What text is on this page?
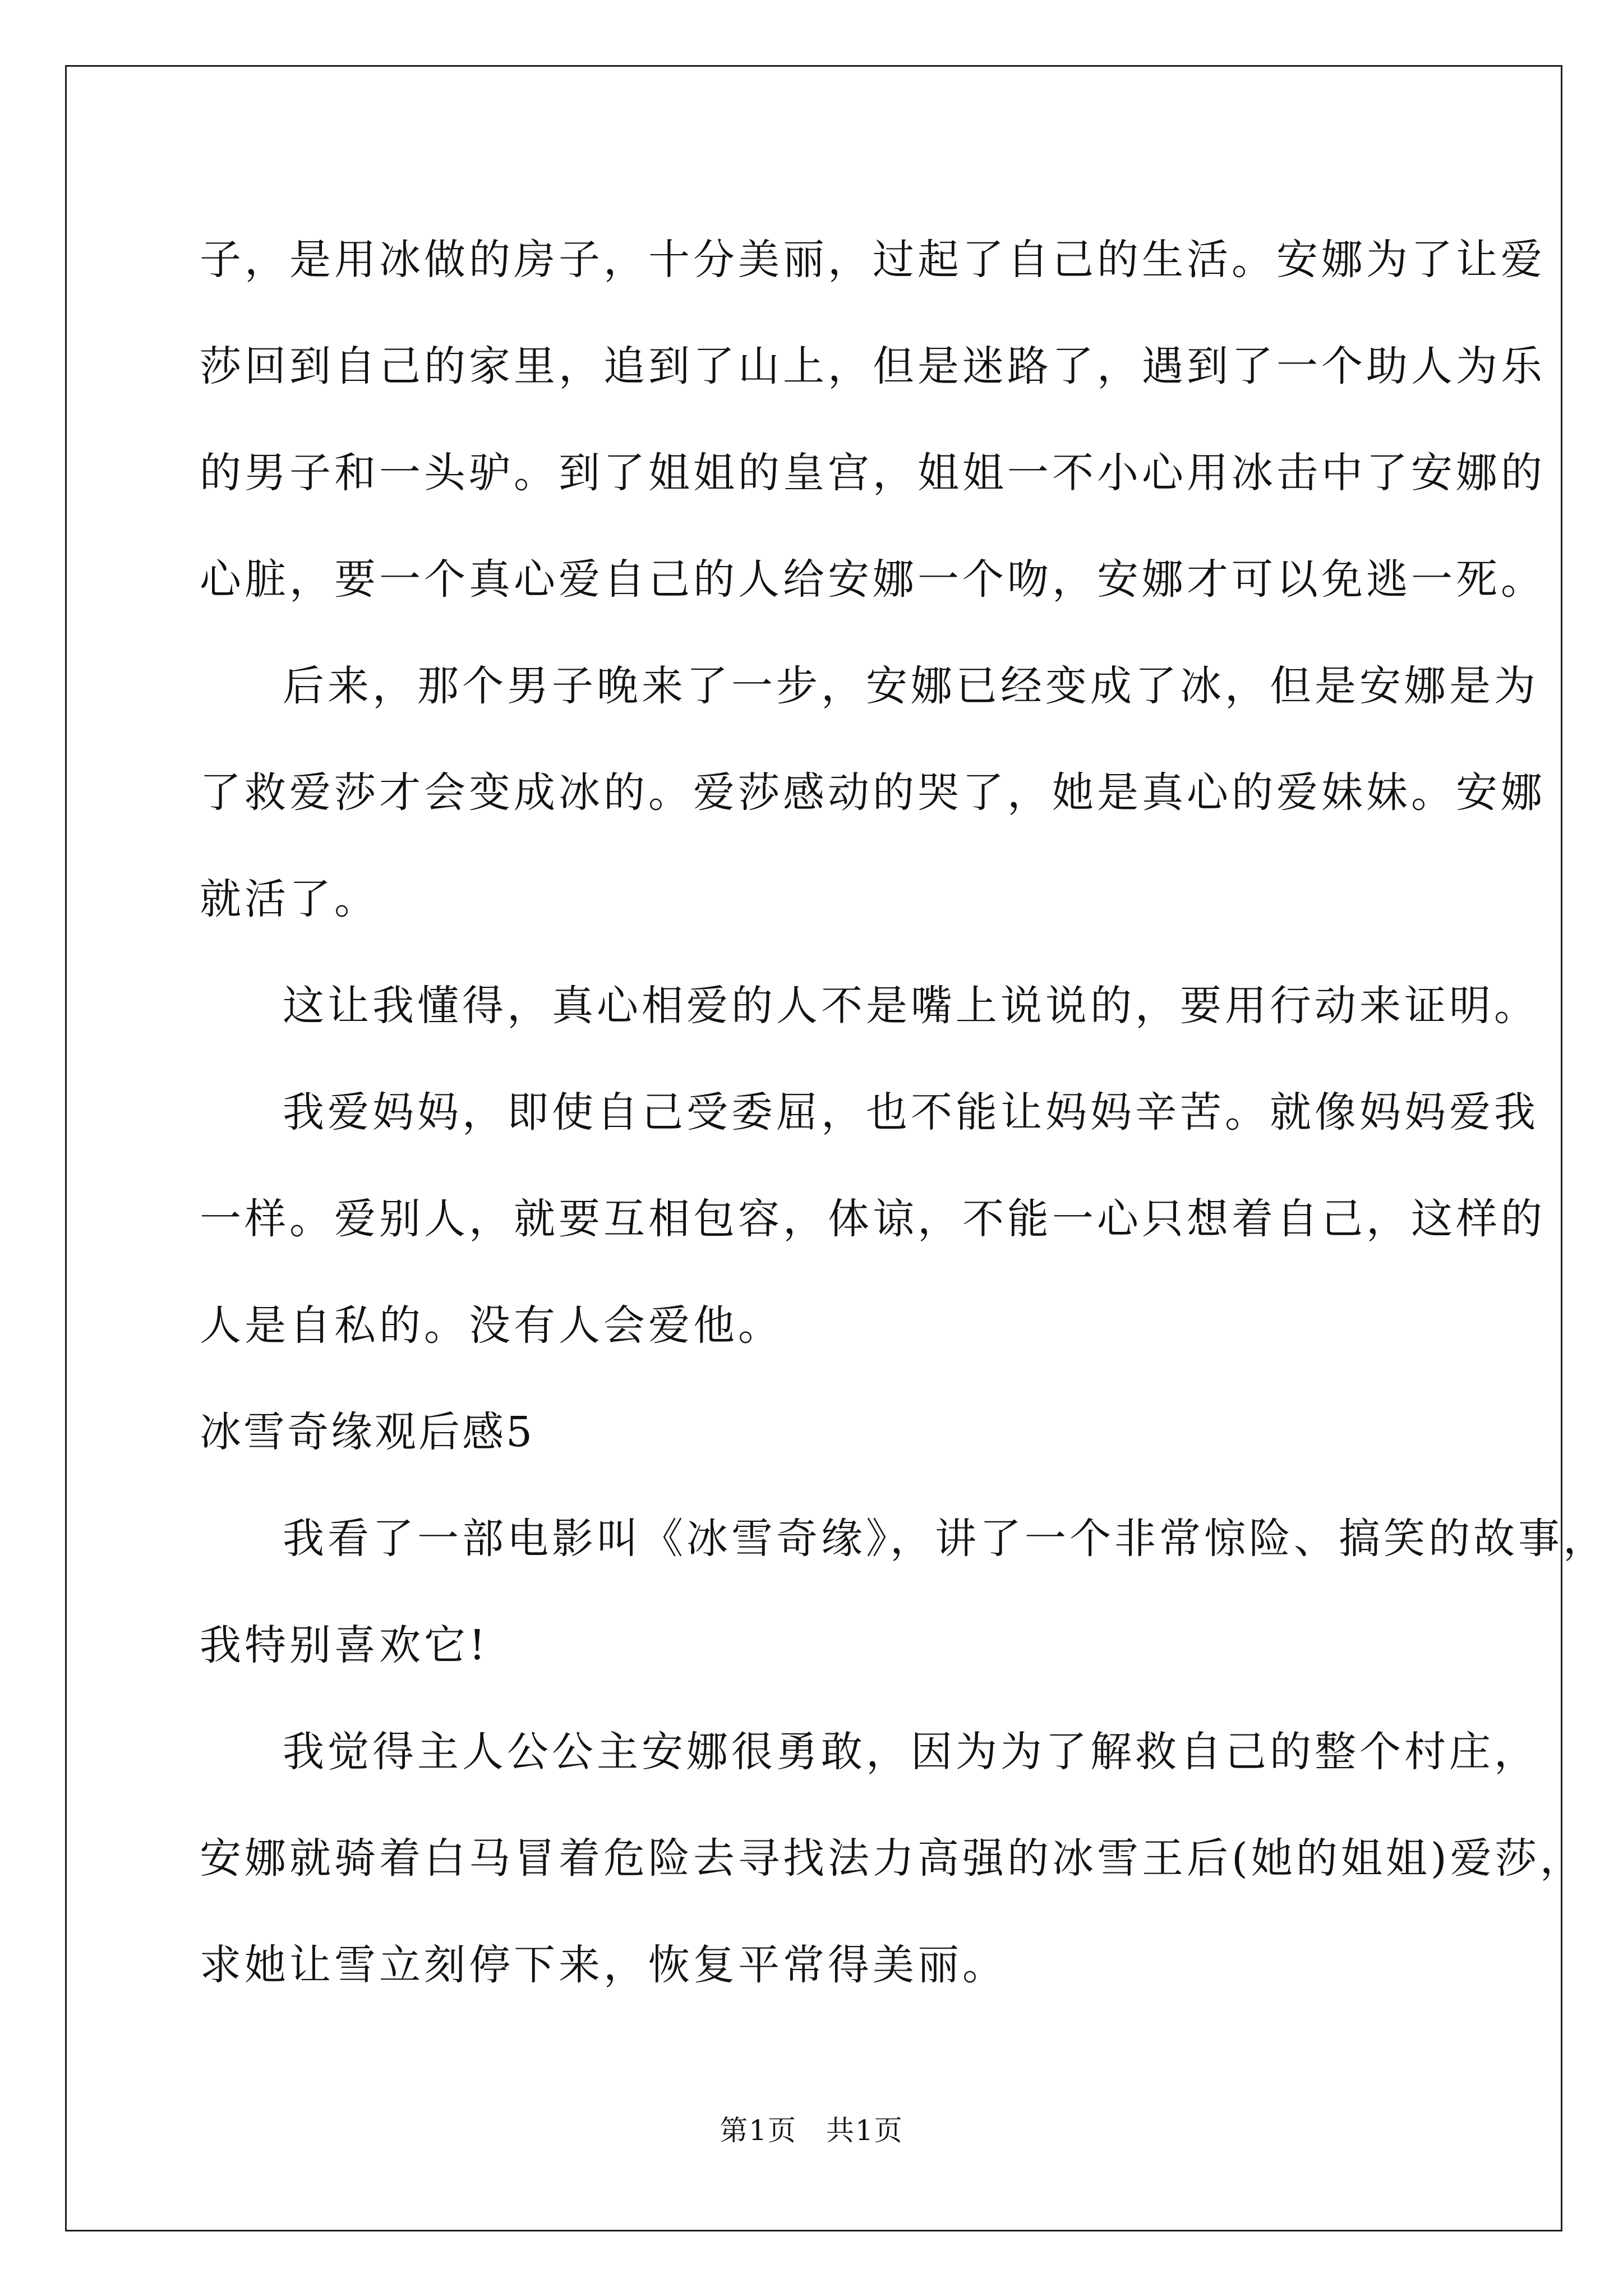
子，是用冰做的房子，十分美丽，过起了自己的生活。安娜为了让爱
莎回到自己的家里，追到了山上，但是迷路了，遇到了一个助人为乐
的男子和一头驴。到了姐姐的皇宫，姐姐一不小心用冰击中了安娜的
心脏，要一个真心爱自己的人给安娜一个吻，安娜才可以免逃一死。
后来，那个男子晚来了一步，安娜已经变成了冰，但是安娜是为
了救爱莎才会变成冰的。爱莎感动的哭了，她是真心的爱妹妹。安娜
就活了。
这让我懂得，真心相爱的人不是嘴上说说的，要用行动来证明。
我爱妈妈，即使自己受委屈，也不能让妈妈辛苦。就像妈妈爱我
一样。爱别人，就要互相包容，体谅，不能一心只想着自己，这样的
人是自私的。没有人会爱他。
冰雪奇缘观后感5
我看了一部电影叫《冰雪奇缘》，讲了一个非常惊险、搞笑的故事，
我特别喜欢它!
我觉得主人公公主安娜很勇敢，因为为了解救自己的整个村庄，
安娜就骑着白马冒着危险去寻找法力高强的冰雪王后(她的姐姐)爱莎，
求她让雪立刻停下来，恢复平常得美丽。
第1页　共1页
